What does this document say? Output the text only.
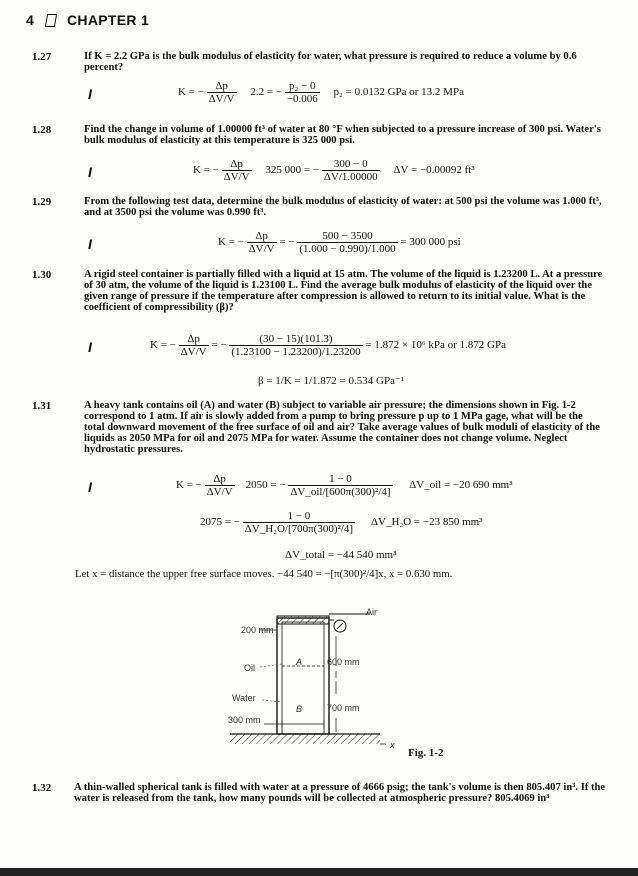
4 CHAPTER 1
1.27	If K = 2.2 GPa is the bulk modulus of elasticity for water, what pressure is required to reduce a volume by 0.6 percent?
I	K = − $\frac{\Delta p}{\Delta V/V} 2.2$ = − $\frac{\text{p₂ − 0}}{-0.006} p_2 = 0.0132$ GPa or 13.2 MPa
1.28	Find the change in volume of 1.00000 ft³ of water at 80 °F when subjected to a pressure increase of 300 psi. Water's bulk modulus of elasticity at this temperature is 325 000 psi.
I	K = − $\frac{\Delta p}{\Delta V/V} 325$ 000 = − $\frac{300 - 0}{\Delta V/1.00000}$ ΔV = −0.00092 ft³
1.29	From the following test data, determine the bulk modulus of elasticity of water: at 500 psi the volume was 1.000 ft³, and at 3500 psi the volume was 0.990 ft³.
I	K = − $\frac{\Delta p}{\Delta V/V}$ = − $\frac{500 - 3500}{(1.000 - 0.990)/1.000} = 300$ 000 psi
1.30	A rigid steel container is partially filled with a liquid at 15 atm. The volume of the liquid is 1.23200 L. At a pressure of 30 atm, the volume of the liquid is 1.23100 L. Find the average bulk modulus of elasticity of the liquid over the given range of pressure if the temperature after compression is allowed to return to its initial value. What is the coefficient of compressibility (β)?
I	K = − $\frac{\Delta p}{\Delta V/V}$ = − $\frac{(30 - 15)(101.3)}{(1.23100 - 1.23200)/1.23200} = 1.872 \times 10^6$ kPa or 1.872 GPa
β = 1/K = 1/1.872 = 0.534 GPa⁻¹
1.31	A heavy tank contains oil (A) and water (B) subject to variable air pressure; the dimensions shown in Fig. 1-2 correspond to 1 atm. If air is slowly added from a pump to bring pressure p up to 1 MPa gage, what will be the total downward movement of the free surface of oil and air? Take average values of bulk moduli of elasticity of the liquids as 2050 MPa for oil and 2075 MPa for water. Assume the container does not change volume. Neglect hydrostatic pressures.
I	K = − $\frac{\Delta p}{\Delta V/V} 2050$ = − $\frac{1 - 0}{\text{ΔV\_oil/[600π(300)²/4]}}$ ΔV_oil = −20 690 mm³
2075 = − $\frac{1 - 0}{\text{ΔV\_H₂O/[700π(300)²/4]}}$ ΔV_H₂O = −23 850 mm³
ΔV_total = −44 540 mm³
Let x = distance the upper free surface moves. −44 540 = −[π(300)²/4]x, x = 0.630 mm.
Air
200 mm
Oil
A	600 mm
Water
B	700 mm
300 mm
x
Fig. 1-2
1.32 A thin-walled spherical tank is filled with water at a pressure of 4666 psig; the tank's volume is then 805.407 in³. If the water is released from the tank, how many pounds will be collected at atmospheric pressure? 805.4069 in³
